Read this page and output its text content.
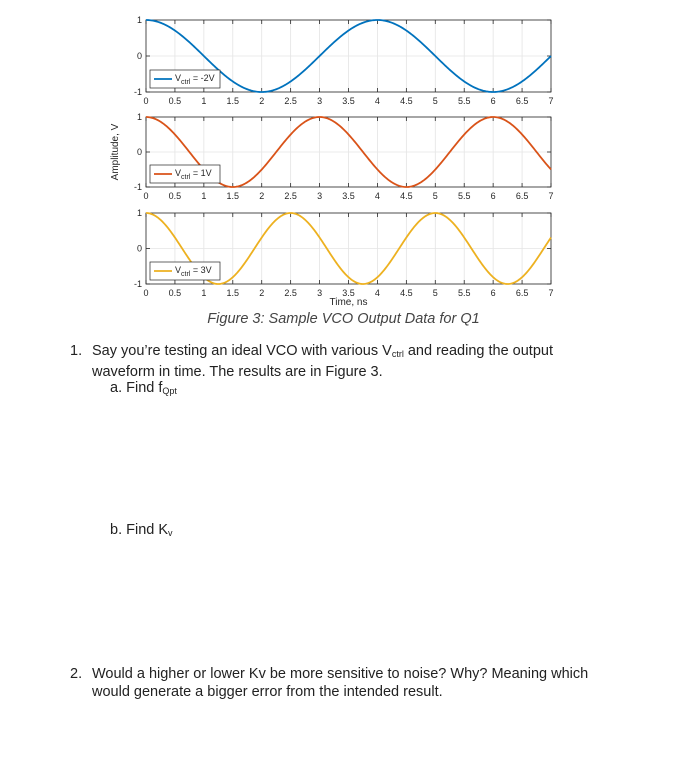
0 0.5 1 1.5 2 2.5 3 3.5 4 4.5 5 5.5 6 6.5 7
1
0
-1
$V_{ctrl} = -2V$
0 0.5 1 1.5 2 2.5 3 3.5 4 4.5 5 5.5 6 6.5 7
1
0
-1
$V_{ctrl} = 1V$
0 0.5 1 1.5 2 2.5 3 3.5 4 4.5 5 5.5 6 6.5 7
1
0
-1
$V_{ctrl} = 3V$
Amplitude, V
Time, ns
Figure 3: Sample VCO Output Data for Q1
1. Say you’re testing an ideal VCO with various $V_{ctrl}$ and reading the output
waveform in time. The results are in Figure 3.
a. Find $f_{Qpt}$
b. Find $K_v$
2. Would a higher or lower Kv be more sensitive to noise? Why? Meaning which
would generate a bigger error from the intended result.
